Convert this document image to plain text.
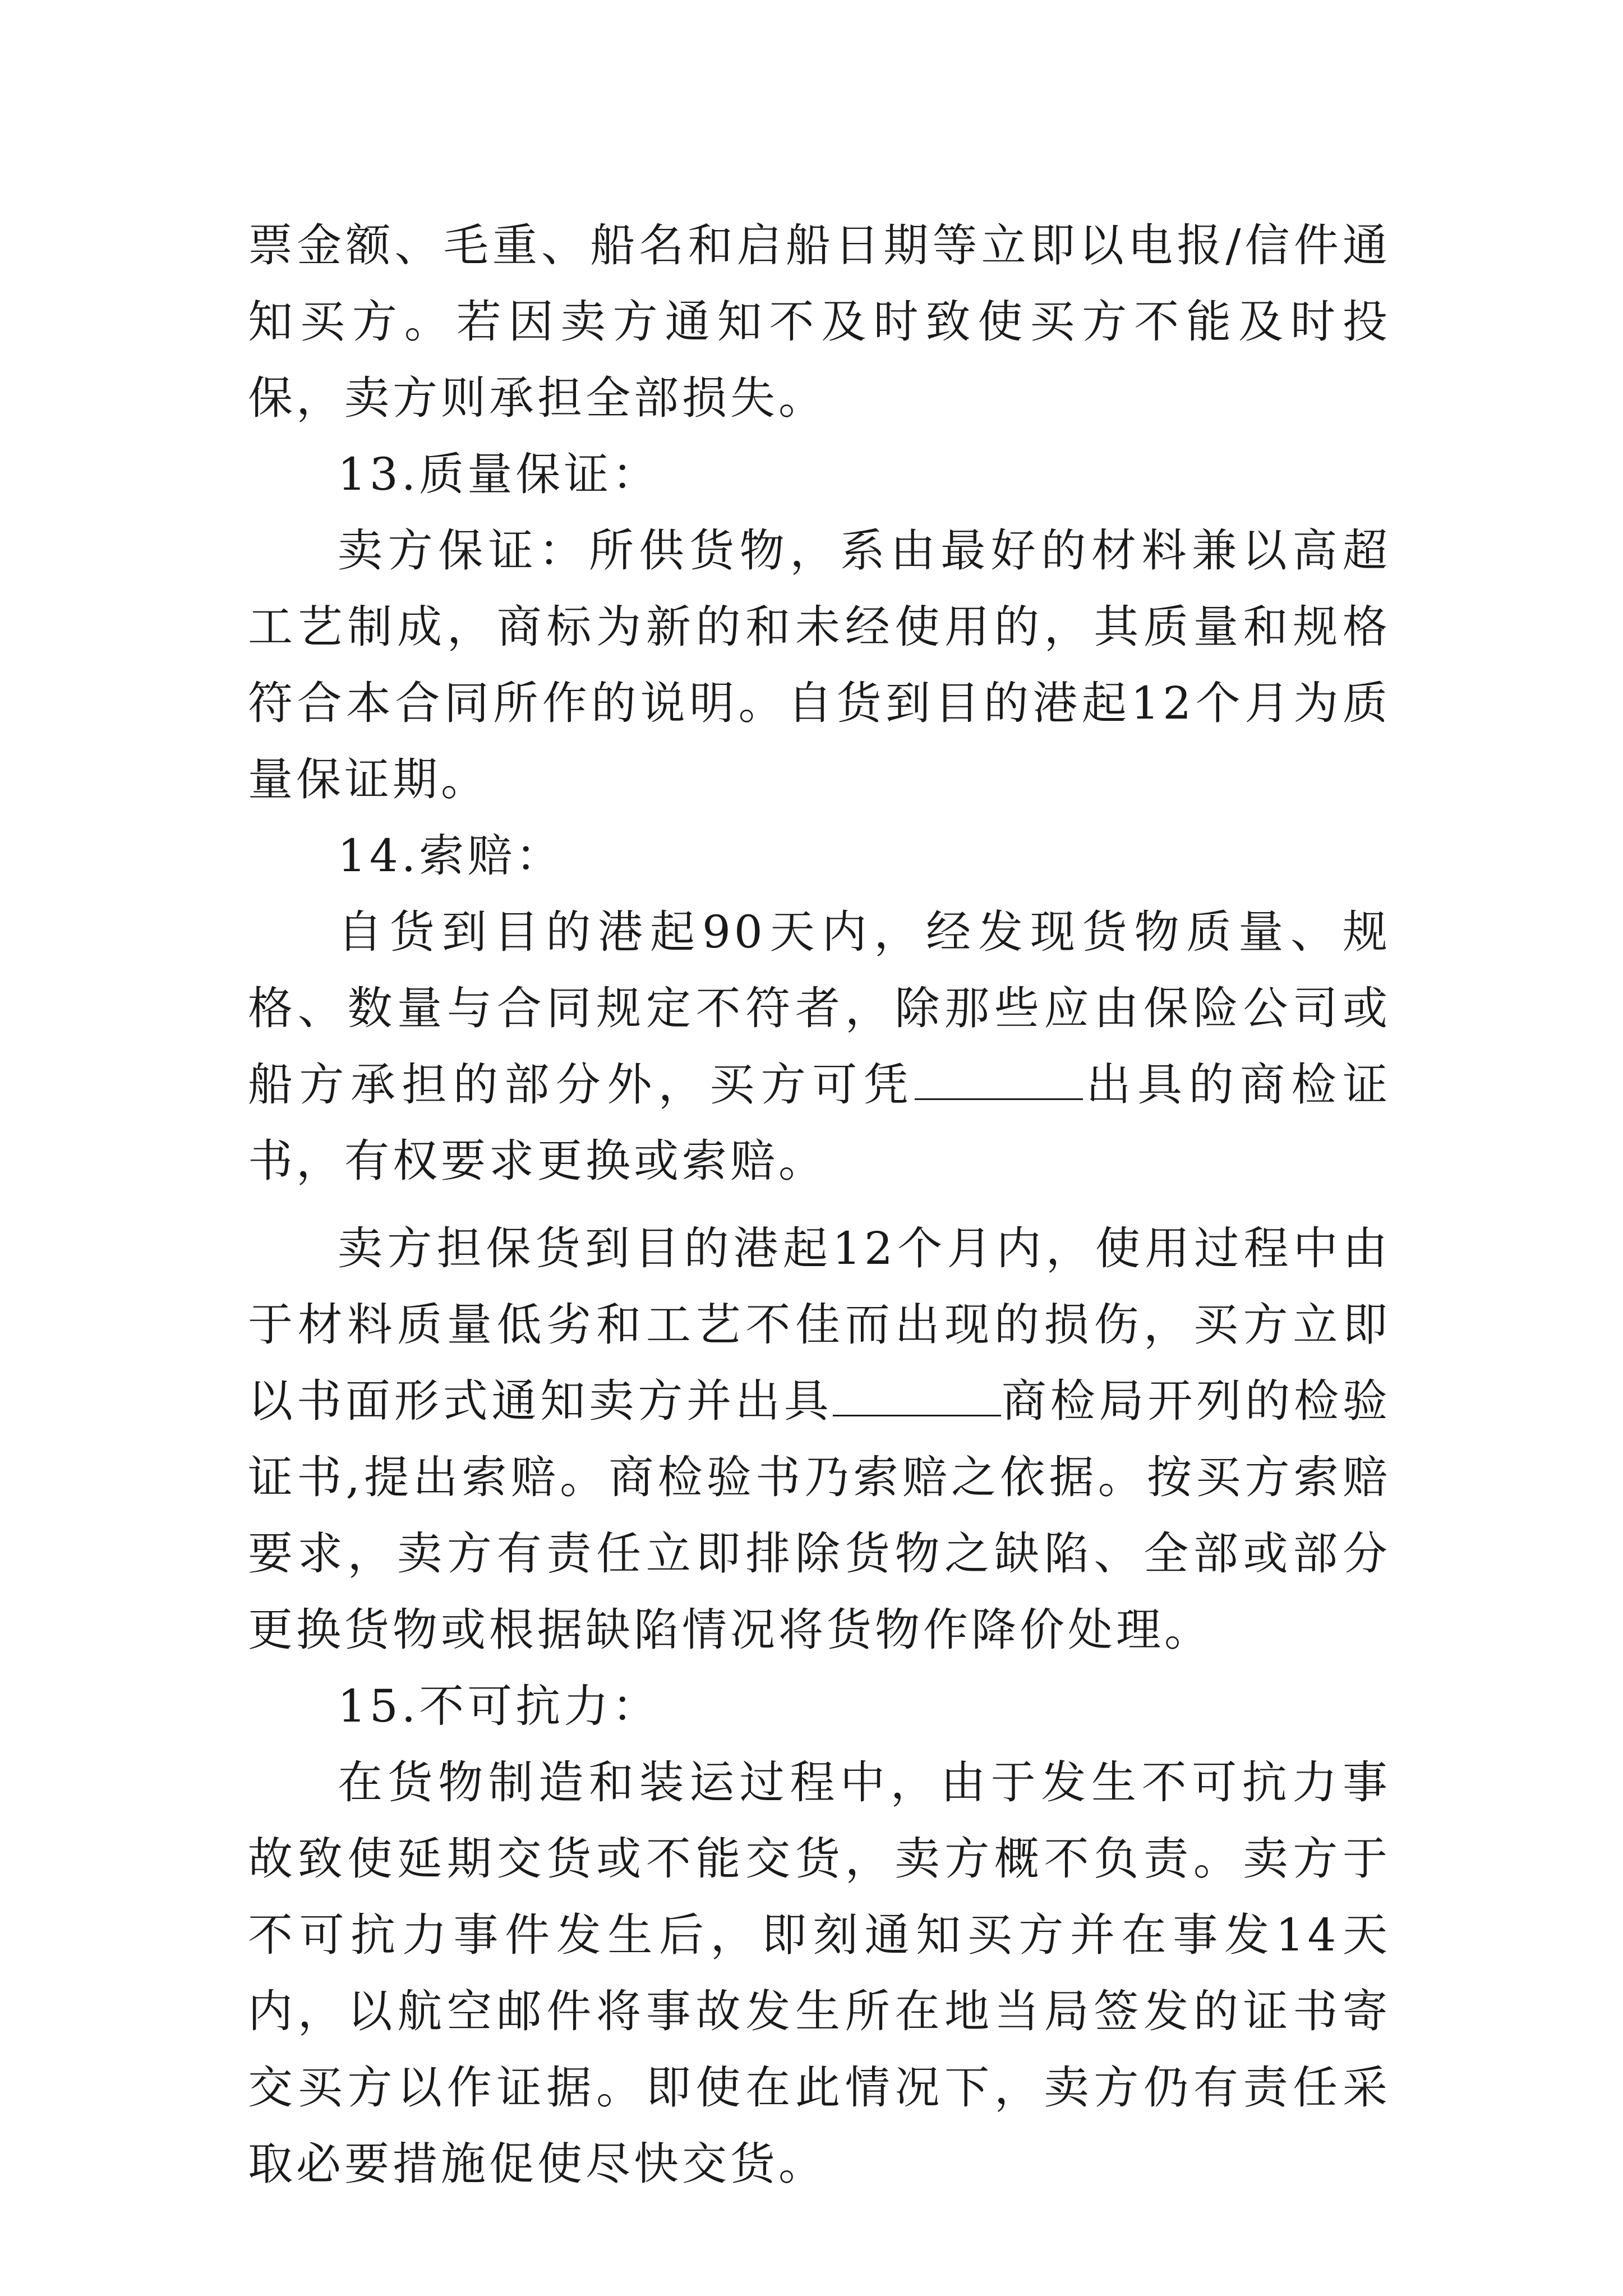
票金额、毛重、船名和启船日期等立即以电报/信件通知买方。若因卖方通知不及时致使买方不能及时投保，卖方则承担全部损失。

13.质量保证：

卖方保证：所供货物，系由最好的材料兼以高超工艺制成，商标为新的和未经使用的，其质量和规格符合本合同所作的说明。自货到目的港起12个月为质量保证期。

14.索赔：

自货到目的港起90天内，经发现货物质量、规格、数量与合同规定不符者，除那些应由保险公司或船方承担的部分外，买方可凭	出具的商检证书，有权要求更换或索赔。

卖方担保货到目的港起12个月内，使用过程中由于材料质量低劣和工艺不佳而出现的损伤，买方立即以书面形式通知卖方并出具	商检局开列的检验证书,提出索赔。商检验书乃索赔之依据。按买方索赔要求，卖方有责任立即排除货物之缺陷、全部或部分更换货物或根据缺陷情况将货物作降价处理。

15.不可抗力：

在货物制造和装运过程中，由于发生不可抗力事故致使延期交货或不能交货，卖方概不负责。卖方于不可抗力事件发生后，即刻通知买方并在事发14天内，以航空邮件将事故发生所在地当局签发的证书寄交买方以作证据。即使在此情况下，卖方仍有责任采取必要措施促使尽快交货。
